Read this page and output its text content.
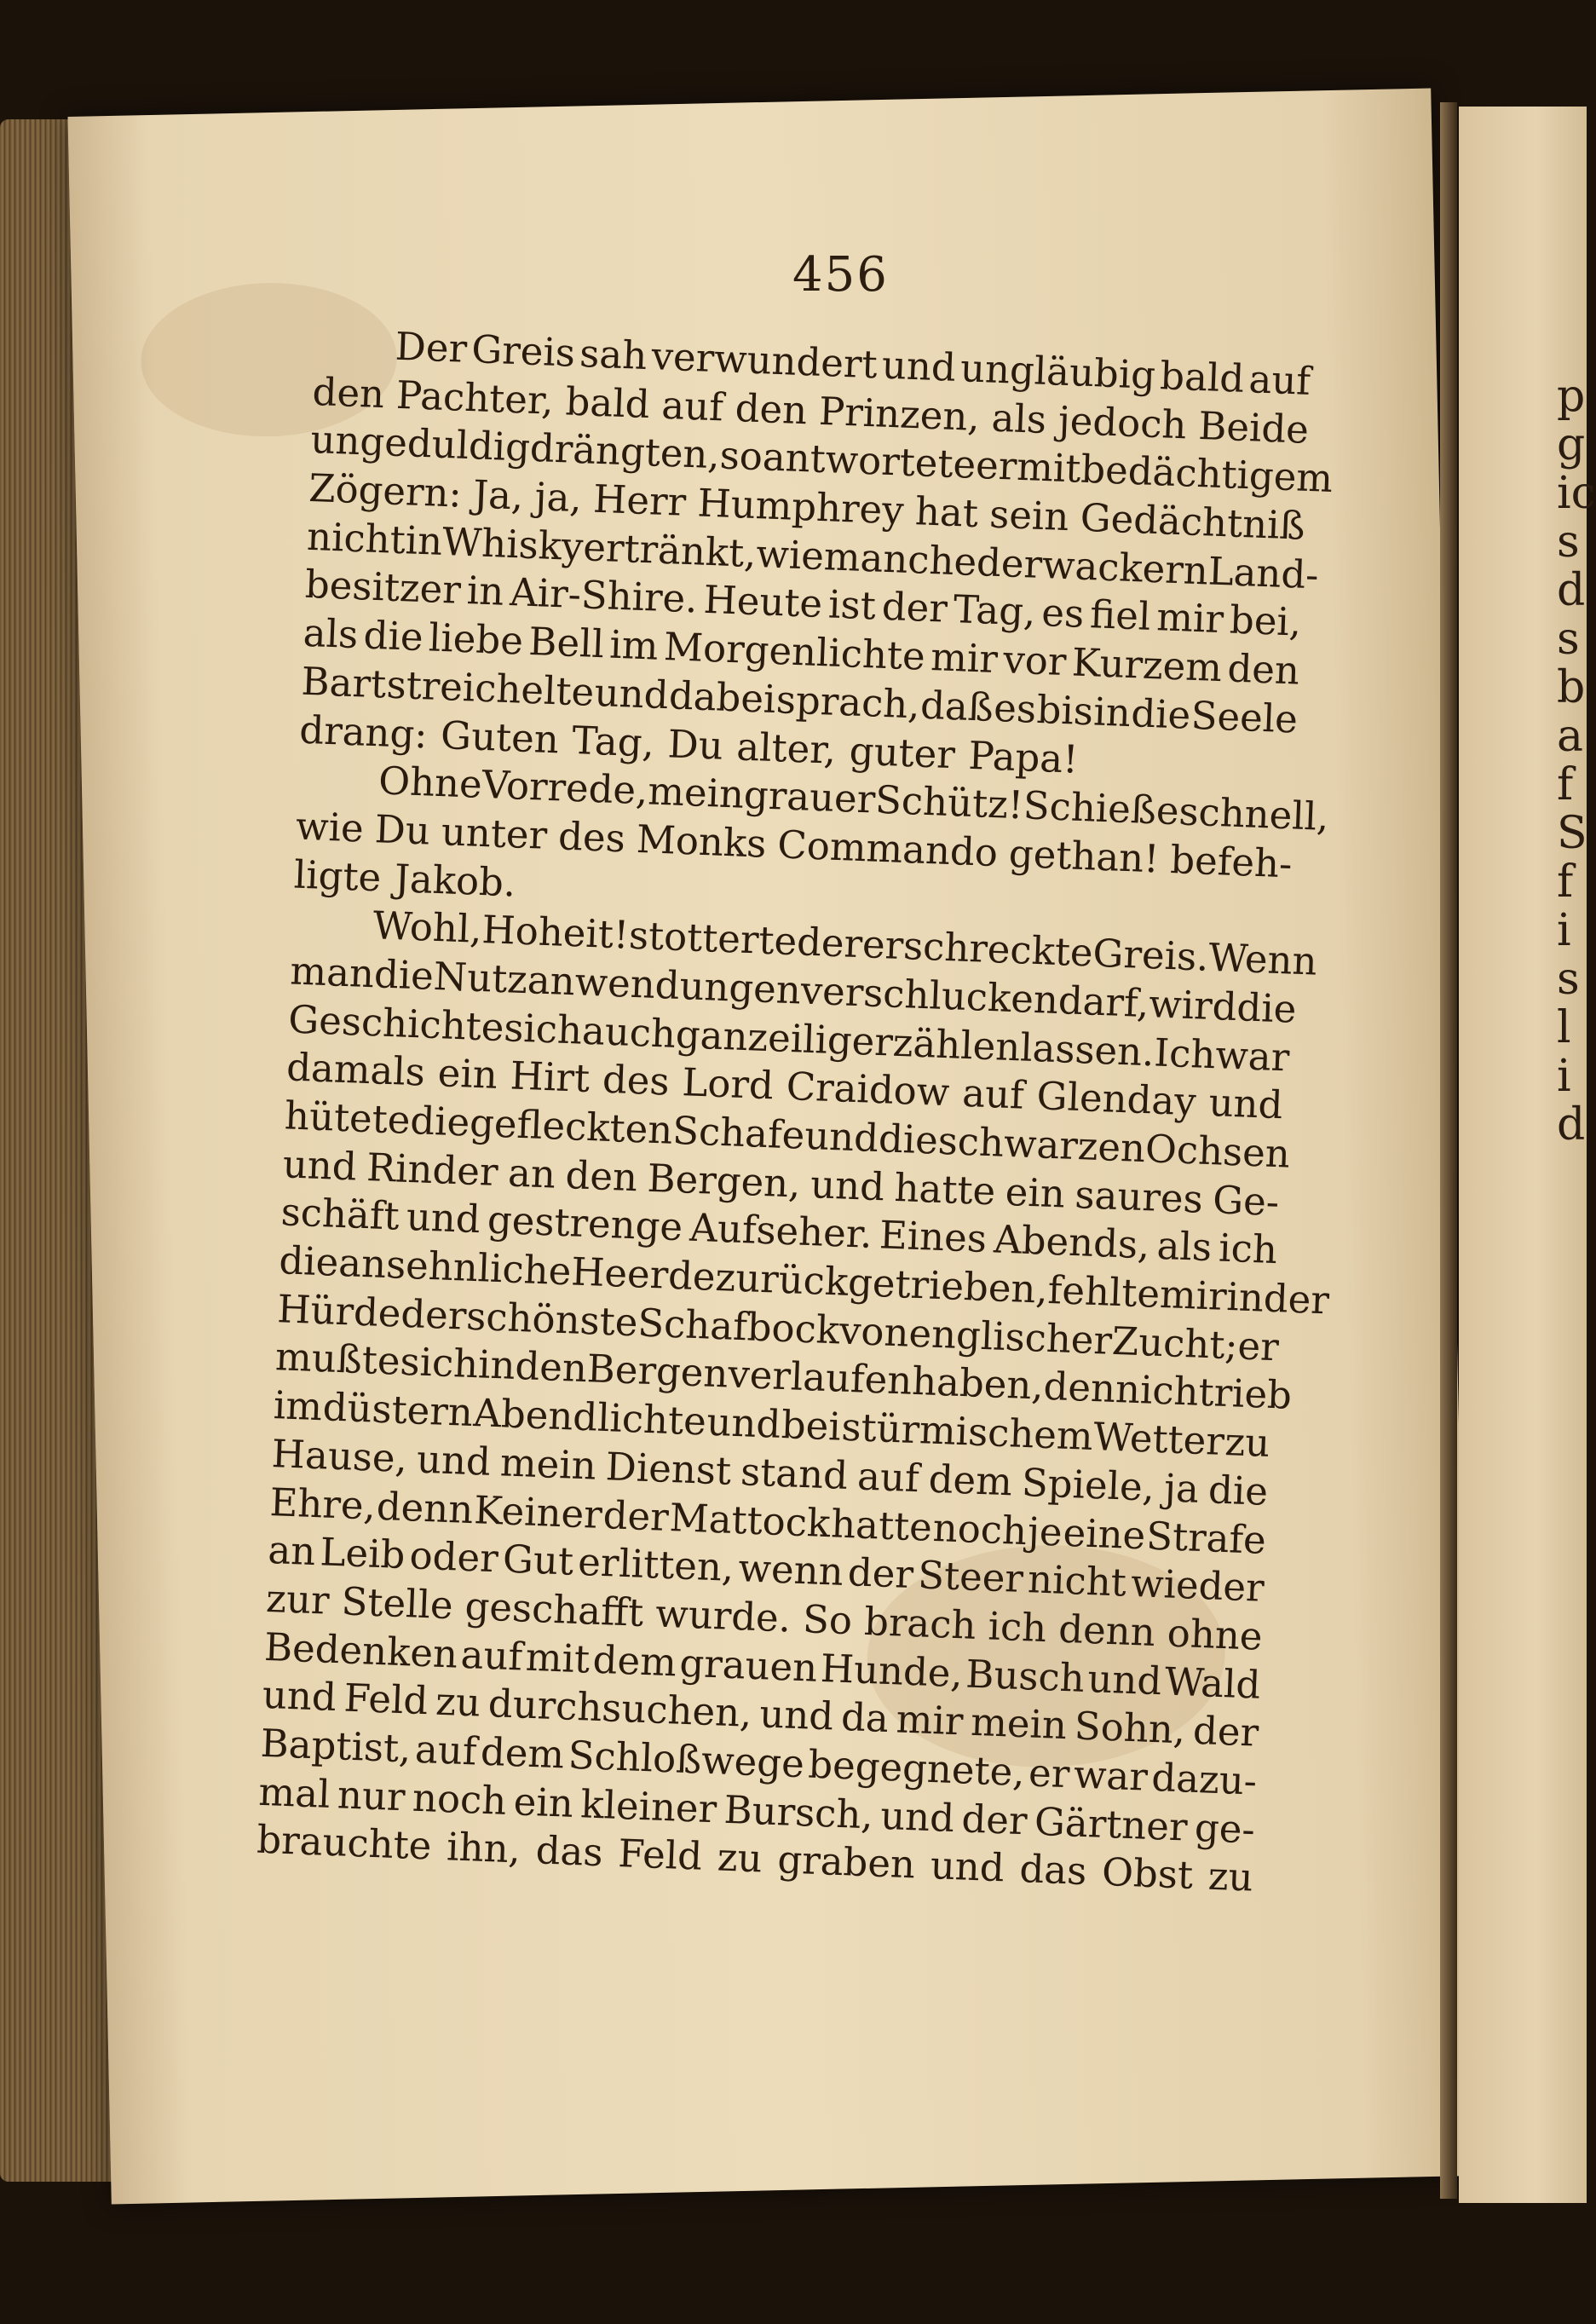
p
g
ic
s
d
s
b
a
f
S
f
i
s
l
i
d
456
Der Greis sah verwundert und ungläubig bald auf
den Pachter, bald auf den Prinzen, als jedoch Beide
ungeduldig
drängten,
so
antwortete
er
mit
bedächtigem
Zögern: Ja, ja, Herr Humphrey hat sein Gedächtniß
nicht
in
Whisky
ertränkt,
wie
manche
der
wackern
Land-
besitzer in Air-Shire. Heute ist der Tag, es fiel mir bei,
als die liebe Bell im Morgenlichte mir vor Kurzem den
Bart
streichelte
und
dabei
sprach,
daß
es
bis
in
die
Seele
drang: Guten Tag, Du alter, guter Papa!
Ohne
Vorrede,
mein
grauer
Schütz!
Schieße
schnell,
wie Du unter des Monks Commando gethan! befeh-
ligte Jakob.
Wohl,
Hoheit!
stotterte
der
erschreckte
Greis.
Wenn
man
die
Nutzanwendungen
verschlucken
darf,
wird
die
Geschichte
sich
auch
ganz
eilig
erzählen
lassen.
Ich
war
damals ein Hirt des Lord Craidow auf Glenday und
hütete
die
gefleckten
Schafe
und
die
schwarzen
Ochsen
und Rinder an den Bergen, und hatte ein saures Ge-
schäft und gestrenge Aufseher. Eines Abends, als ich
die
ansehnliche
Heerde
zurückgetrieben,
fehlte
mir
in
der
Hürde
der
schönste
Schafbock
von
englischer
Zucht;
er
mußte
sich
in
den
Bergen
verlaufen
haben,
denn
ich
trieb
im
düstern
Abendlichte
und
bei
stürmischem
Wetter
zu
Hause, und mein Dienst stand auf dem Spiele, ja die
Ehre, denn Keiner der Mattock hatte noch je eine Strafe
an Leib oder Gut erlitten, wenn der Steer nicht wieder
zur Stelle geschafft wurde. So brach ich denn ohne
Bedenken auf mit dem grauen Hunde, Busch und Wald
und Feld zu durchsuchen, und da mir mein Sohn, der
Baptist, auf dem Schloßwege begegnete, er war dazu-
mal nur noch ein kleiner Bursch, und der Gärtner ge-
brauchte ihn, das Feld zu graben und das Obst zu
